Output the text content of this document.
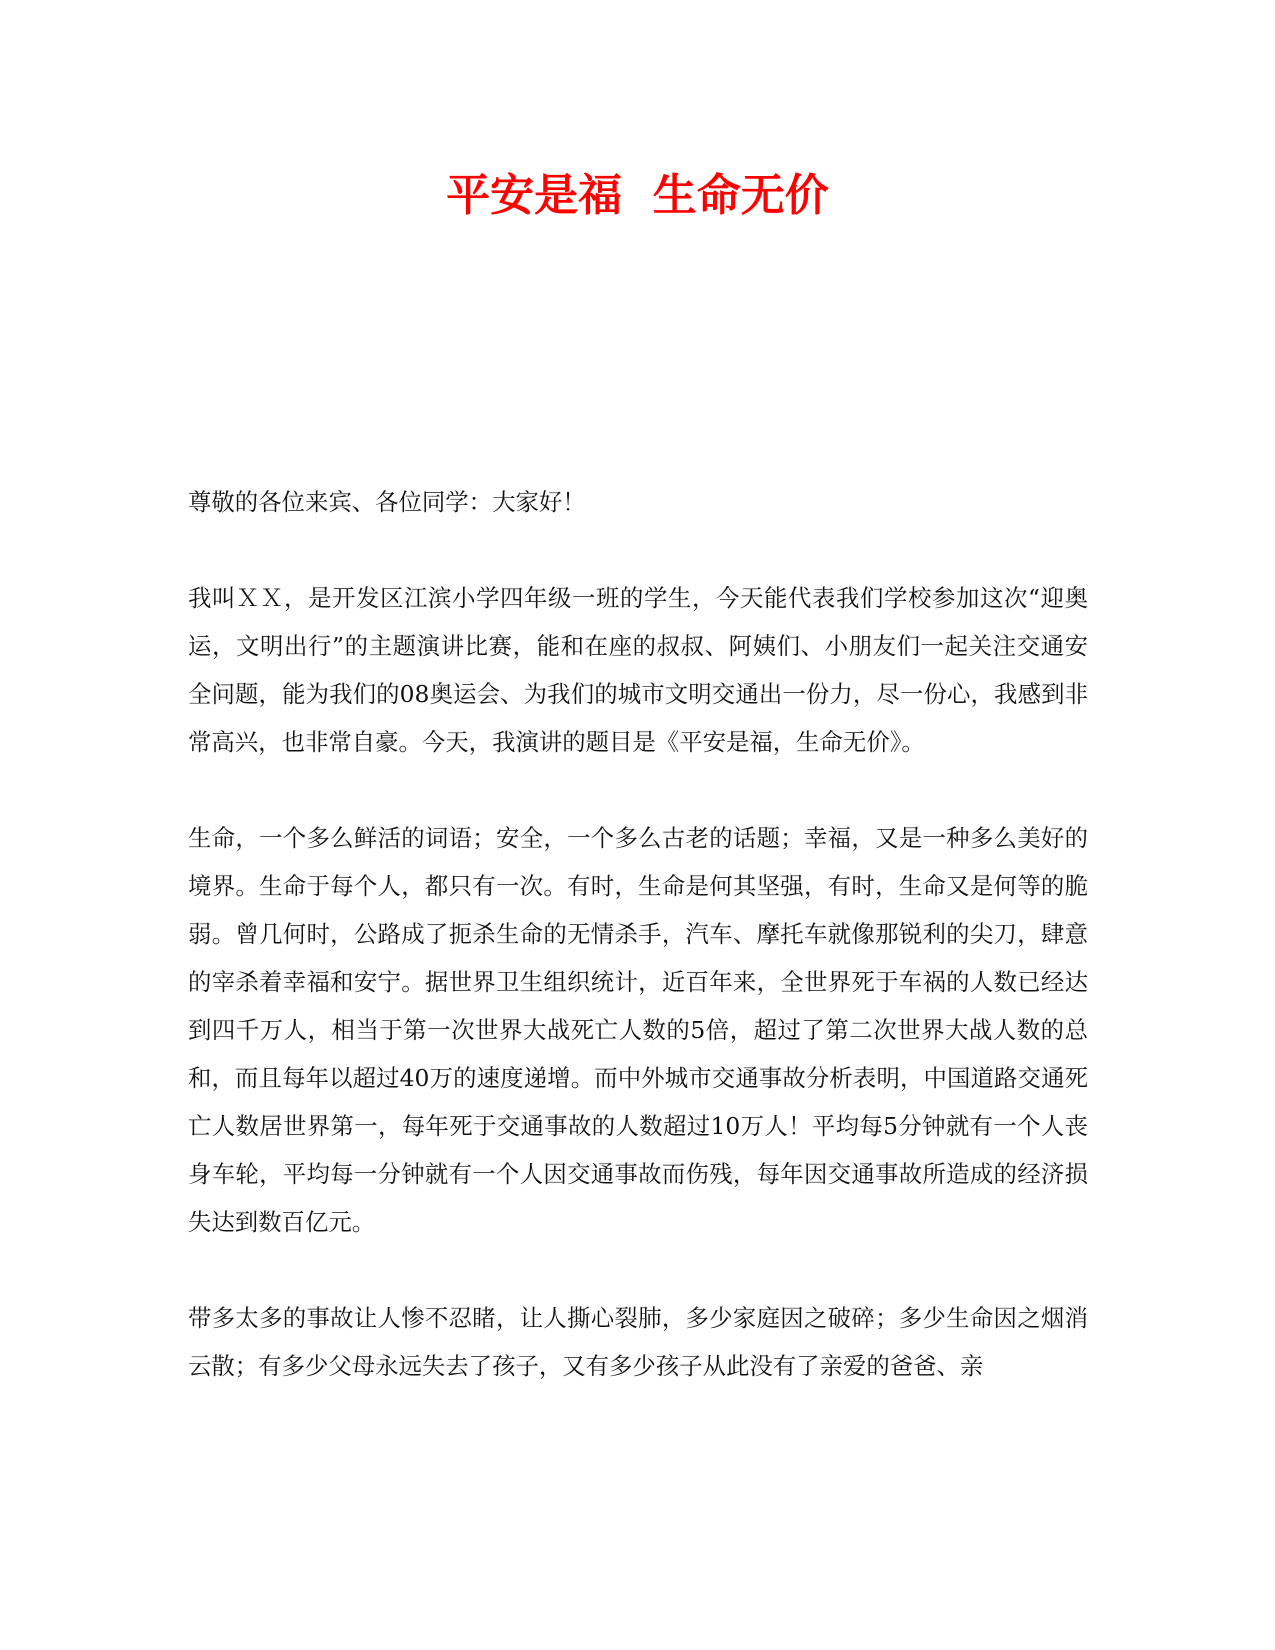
平安是福  生命无价

尊敬的各位来宾、各位同学：大家好！

我叫ＸＸ，是开发区江滨小学四年级一班的学生，今天能代表我们学校参加这次“迎奥运，文明出行”的主题演讲比赛，能和在座的叔叔、阿姨们、小朋友们一起关注交通安全问题，能为我们的08奥运会、为我们的城市文明交通出一份力，尽一份心，我感到非常高兴，也非常自豪。今天，我演讲的题目是《平安是福，生命无价》。

生命，一个多么鲜活的词语；安全，一个多么古老的话题；幸福，又是一种多么美好的境界。生命于每个人，都只有一次。有时，生命是何其坚强，有时，生命又是何等的脆弱。曾几何时，公路成了扼杀生命的无情杀手，汽车、摩托车就像那锐利的尖刀，肆意的宰杀着幸福和安宁。据世界卫生组织统计，近百年来，全世界死于车祸的人数已经达到四千万人，相当于第一次世界大战死亡人数的5倍，超过了第二次世界大战人数的总和，而且每年以超过40万的速度递增。而中外城市交通事故分析表明，中国道路交通死亡人数居世界第一，每年死于交通事故的人数超过10万人！平均每5分钟就有一个人丧身车轮，平均每一分钟就有一个人因交通事故而伤残，每年因交通事故所造成的经济损失达到数百亿元。

带多太多的事故让人惨不忍睹，让人撕心裂肺，多少家庭因之破碎；多少生命因之烟消云散；有多少父母永远失去了孩子，又有多少孩子从此没有了亲爱的爸爸、亲
